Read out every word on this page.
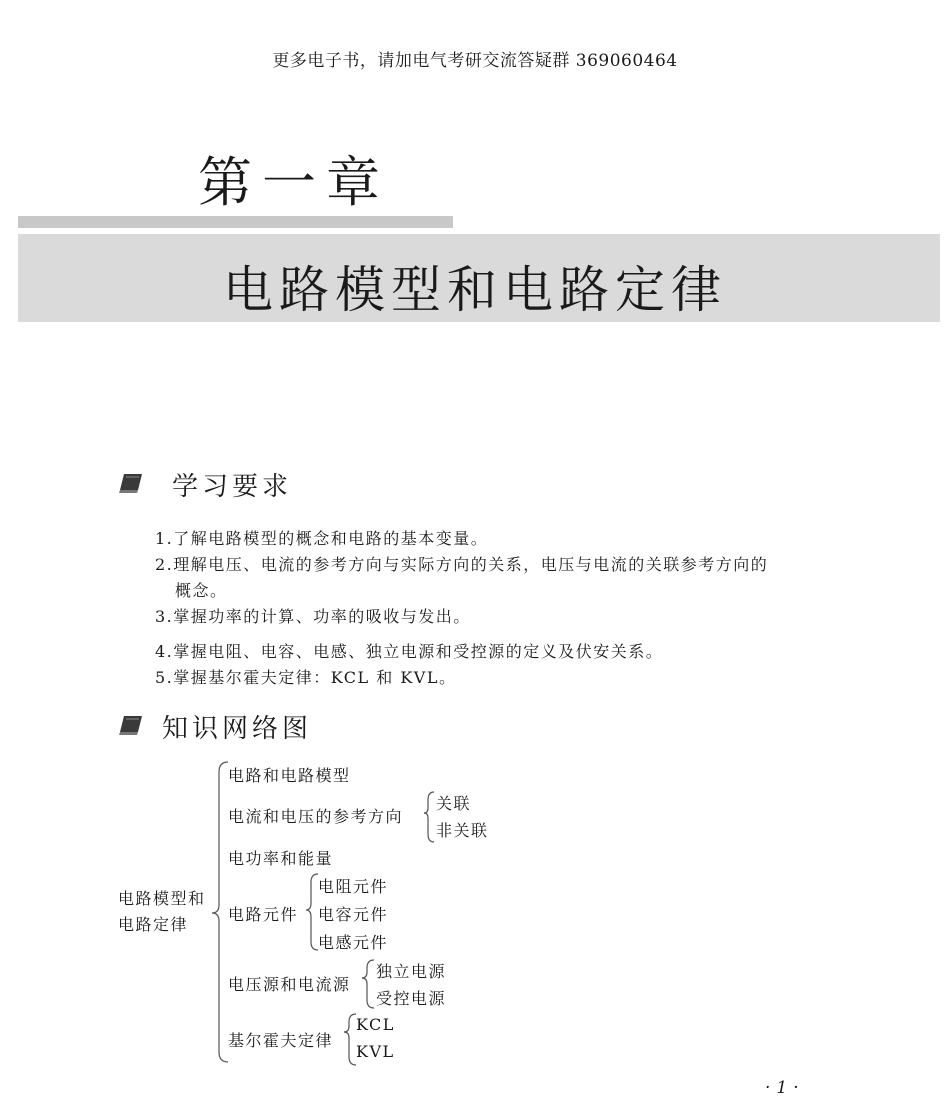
更多电子书，请加电气考研交流答疑群 369060464
第一章
电路模型和电路定律
学习要求
1.了解电路模型的概念和电路的基本变量。
2.理解电压、电流的参考方向与实际方向的关系，电压与电流的关联参考方向的
概念。
3.掌握功率的计算、功率的吸收与发出。
4.掌握电阻、电容、电感、独立电源和受控源的定义及伏安关系。
5.掌握基尔霍夫定律：KCL 和 KVL。
知识网络图
电路模型和
电路定律
电路和电路模型
电流和电压的参考方向
关联
非关联
电功率和能量
电路元件
电阻元件
电容元件
电感元件
电压源和电流源
独立电源
受控电源
基尔霍夫定律
KCL
KVL
·1·
